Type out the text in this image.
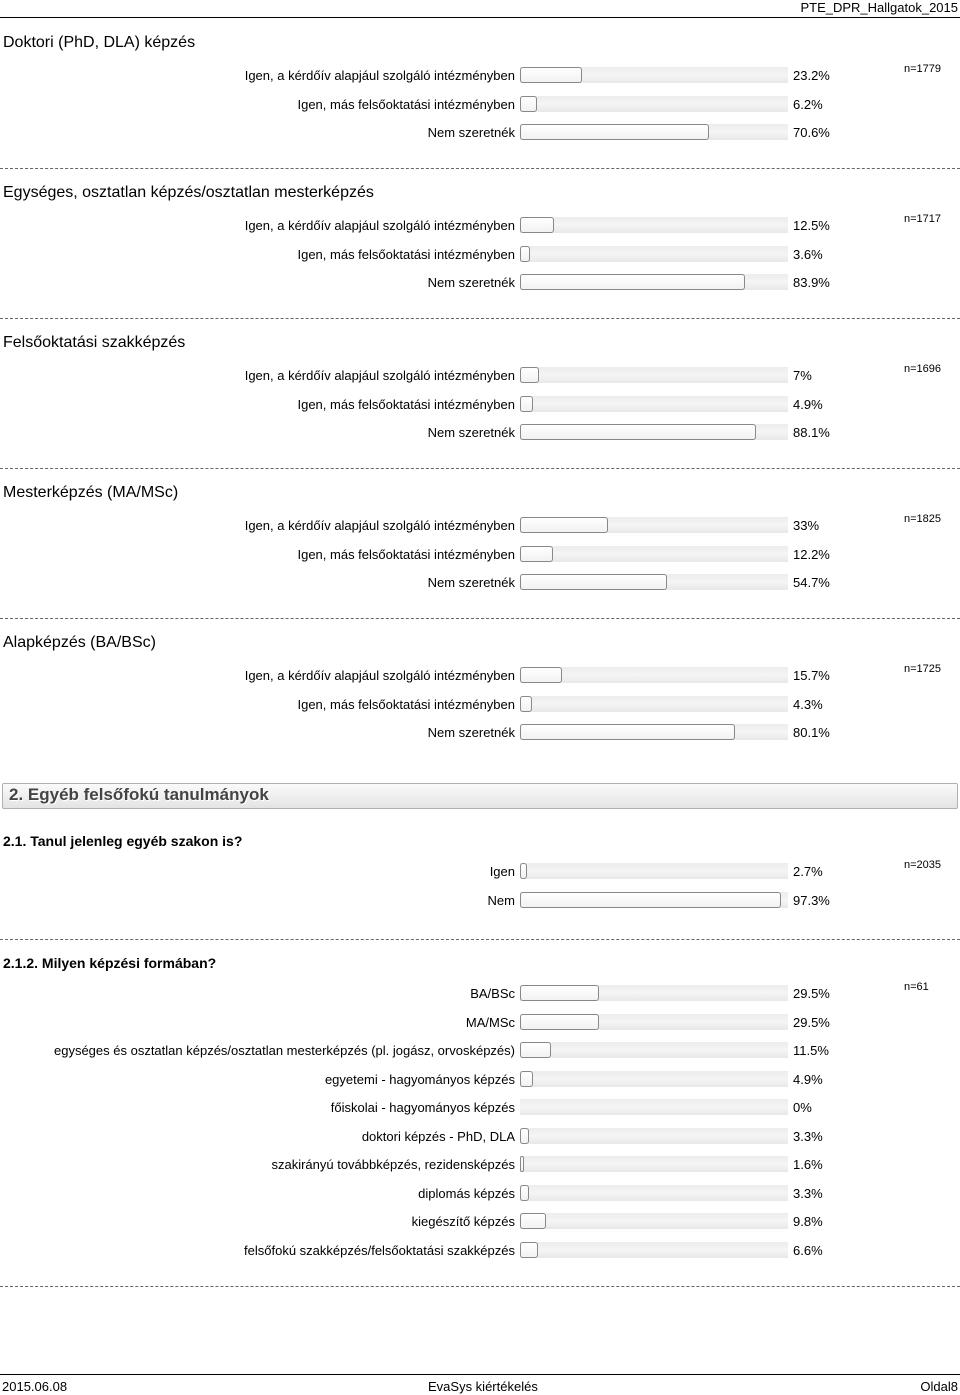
PTE_DPR_Hallgatok_2015
Doktori (PhD, DLA) képzés
n=1779
Igen, a kérdőív alapjául szolgáló intézményben	23.2%
Igen, más felsőoktatási intézményben	6.2%
Nem szeretnék	70.6%
Egységes, osztatlan képzés/osztatlan mesterképzés
n=1717
Igen, a kérdőív alapjául szolgáló intézményben	12.5%
Igen, más felsőoktatási intézményben	3.6%
Nem szeretnék	83.9%
Felsőoktatási szakképzés
n=1696
Igen, a kérdőív alapjául szolgáló intézményben	7%
Igen, más felsőoktatási intézményben	4.9%
Nem szeretnék	88.1%
Mesterképzés (MA/MSc)
n=1825
Igen, a kérdőív alapjául szolgáló intézményben	33%
Igen, más felsőoktatási intézményben	12.2%
Nem szeretnék	54.7%
Alapképzés (BA/BSc)
n=1725
Igen, a kérdőív alapjául szolgáló intézményben	15.7%
Igen, más felsőoktatási intézményben	4.3%
Nem szeretnék	80.1%
2. Egyéb felsőfokú tanulmányok
2.1. Tanul jelenleg egyéb szakon is?
n=2035
Igen	2.7%
Nem	97.3%
2.1.2. Milyen képzési formában?
n=61
BA/BSc	29.5%
MA/MSc	29.5%
egységes és osztatlan képzés/osztatlan mesterképzés (pl. jogász, orvosképzés)	11.5%
egyetemi - hagyományos képzés	4.9%
főiskolai - hagyományos képzés	0%
doktori képzés - PhD, DLA	3.3%
szakirányú továbbképzés, rezidensképzés	1.6%
diplomás képzés	3.3%
kiegészítő képzés	9.8%
felsőfokú szakképzés/felsőoktatási szakképzés	6.6%
2015.06.08	EvaSys kiértékelés	Oldal8
